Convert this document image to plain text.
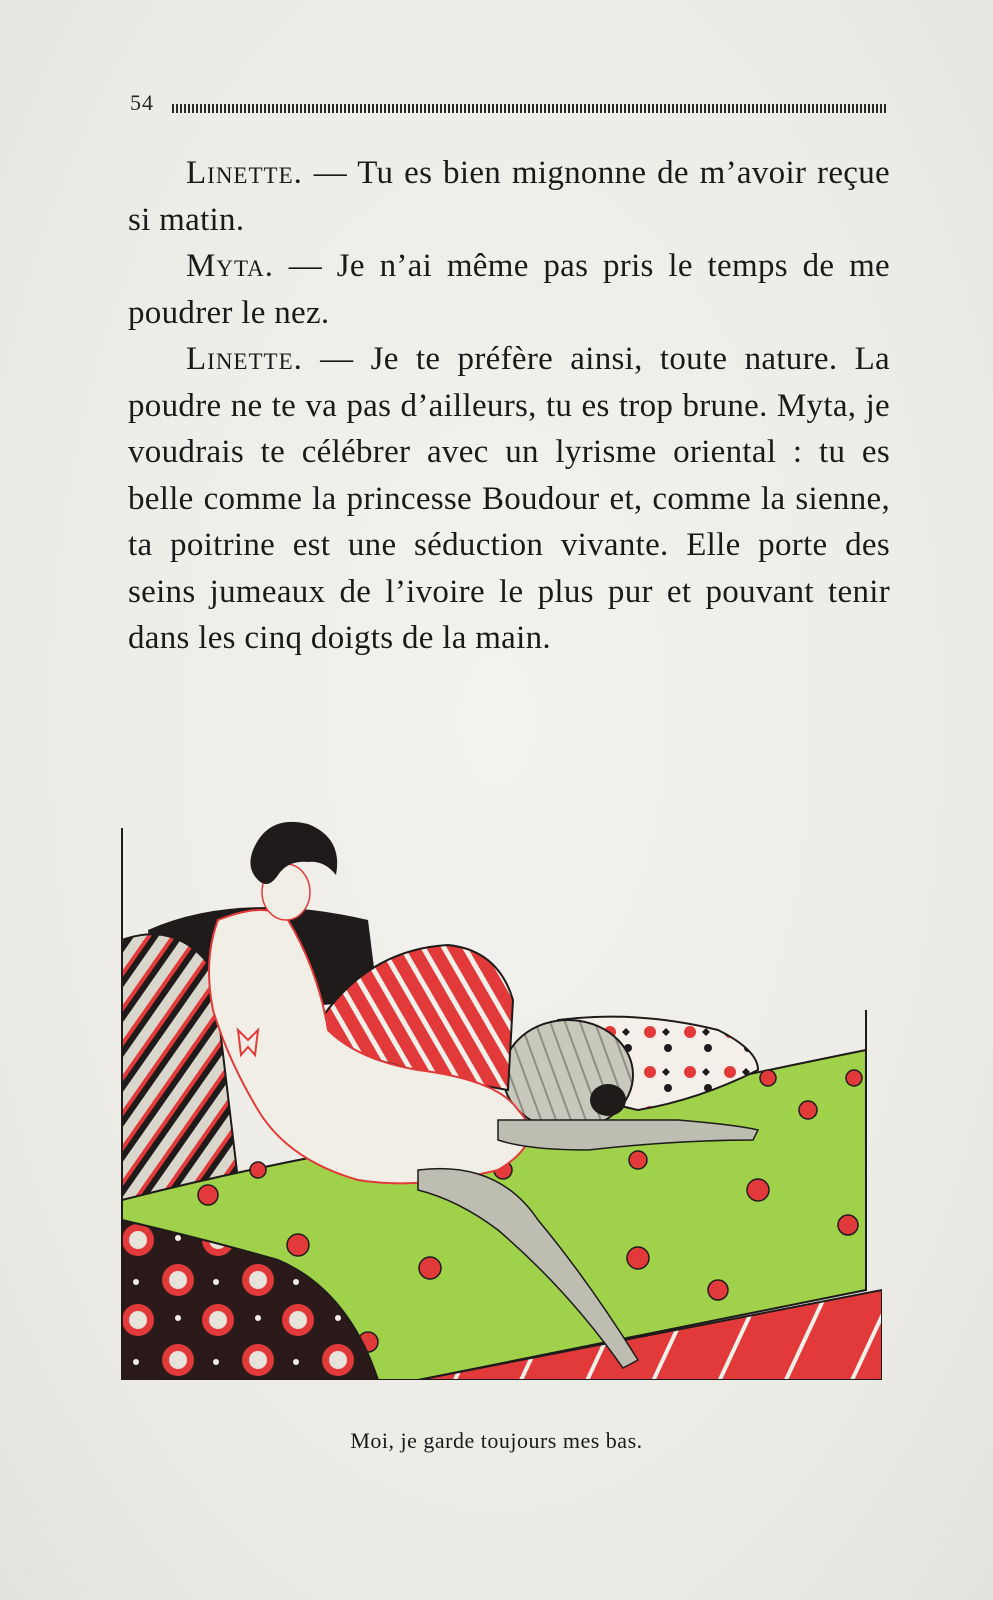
54

Linette. — Tu es bien mignonne de m’avoir reçue si matin.

Myta. — Je n’ai même pas pris le temps de me poudrer le nez.

Linette. — Je te préfère ainsi, toute nature. La poudre ne te va pas d’ailleurs, tu es trop brune. Myta, je voudrais te célébrer avec un lyrisme oriental : tu es belle comme la princesse Boudour et, comme la sienne, ta poitrine est une séduction vivante. Elle porte des seins jumeaux de l’ivoire le plus pur et pouvant tenir dans les cinq doigts de la main.

Moi, je garde toujours mes bas.
